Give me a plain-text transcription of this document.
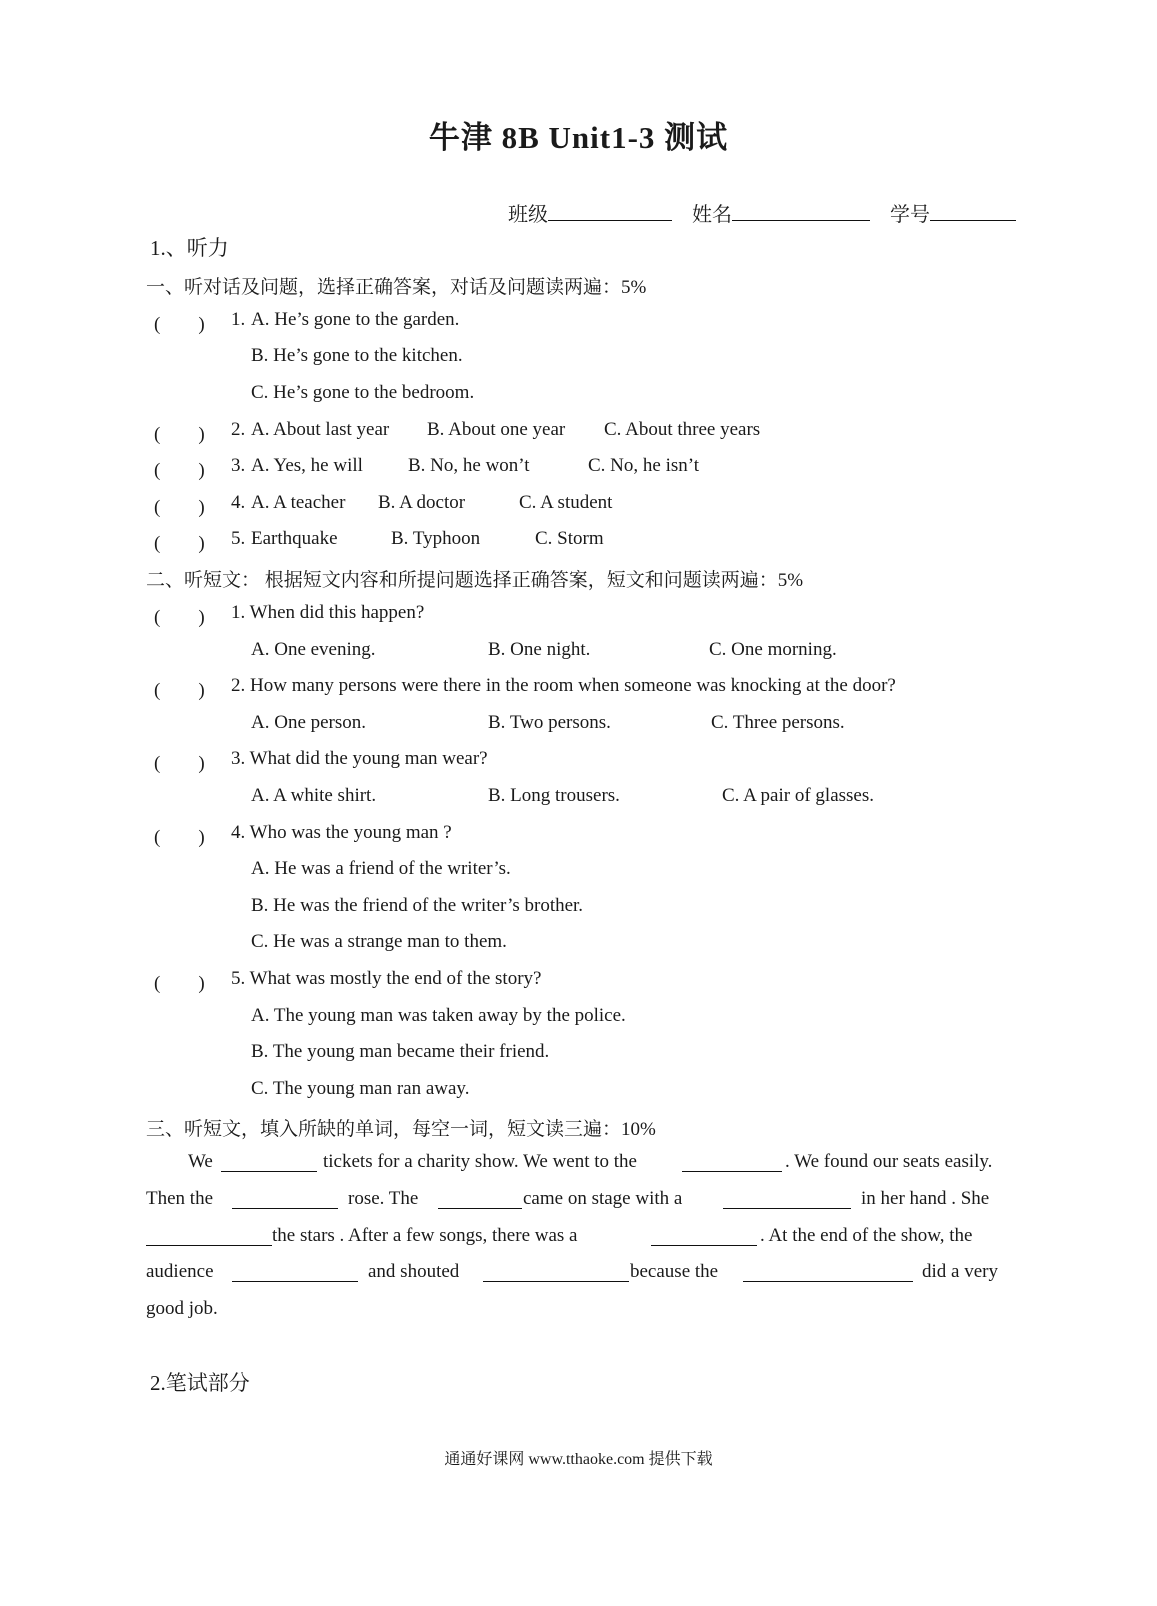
牛津 8B Unit1-3 测试
班级	姓名	学号
1.、听力
一、听对话及问题，选择正确答案，对话及问题读两遍：5%
(　　) 1. A. He’s gone to the garden.
B. He’s gone to the kitchen.
C. He’s gone to the bedroom.
(　　) 2. A. About last year B. About one year C. About three years
(　　) 3. A. Yes, he will B. No, he won’t	C. No, he isn’t
(　　) 4. A. A teacher B. A doctor	C. A student
(　　) 5. Earthquake	B. Typhoon	C. Storm
二、听短文： 根据短文内容和所提问题选择正确答案，短文和问题读两遍：5%
(　　) 1. When did this happen?
A. One evening.	B. One night.	C. One morning.
(　　) 2. How many persons were there in the room when someone was knocking at the door?
A. One person.	B. Two persons.	C. Three persons.
(　　) 3. What did the young man wear?
A. A white shirt.	B. Long trousers.	C. A pair of glasses.
(　　) 4. Who was the young man ?
A. He was a friend of the writer’s.
B. He was the friend of the writer’s brother.
C. He was a strange man to them.
(　　) 5. What was mostly the end of the story?
A. The young man was taken away by the police.
B. The young man became their friend.
C. The young man ran away.
三、听短文，填入所缺的单词，每空一词，短文读三遍：10%
We	tickets for a charity show. We went to the	. We found our seats easily.
Then the	rose. The	came on stage with a	in her hand . She
the stars . After a few songs, there was a	. At the end of the show, the
audience	and shouted	because the	did a very
good job.
2.笔试部分
通通好课网 www.tthaoke.com 提供下载
